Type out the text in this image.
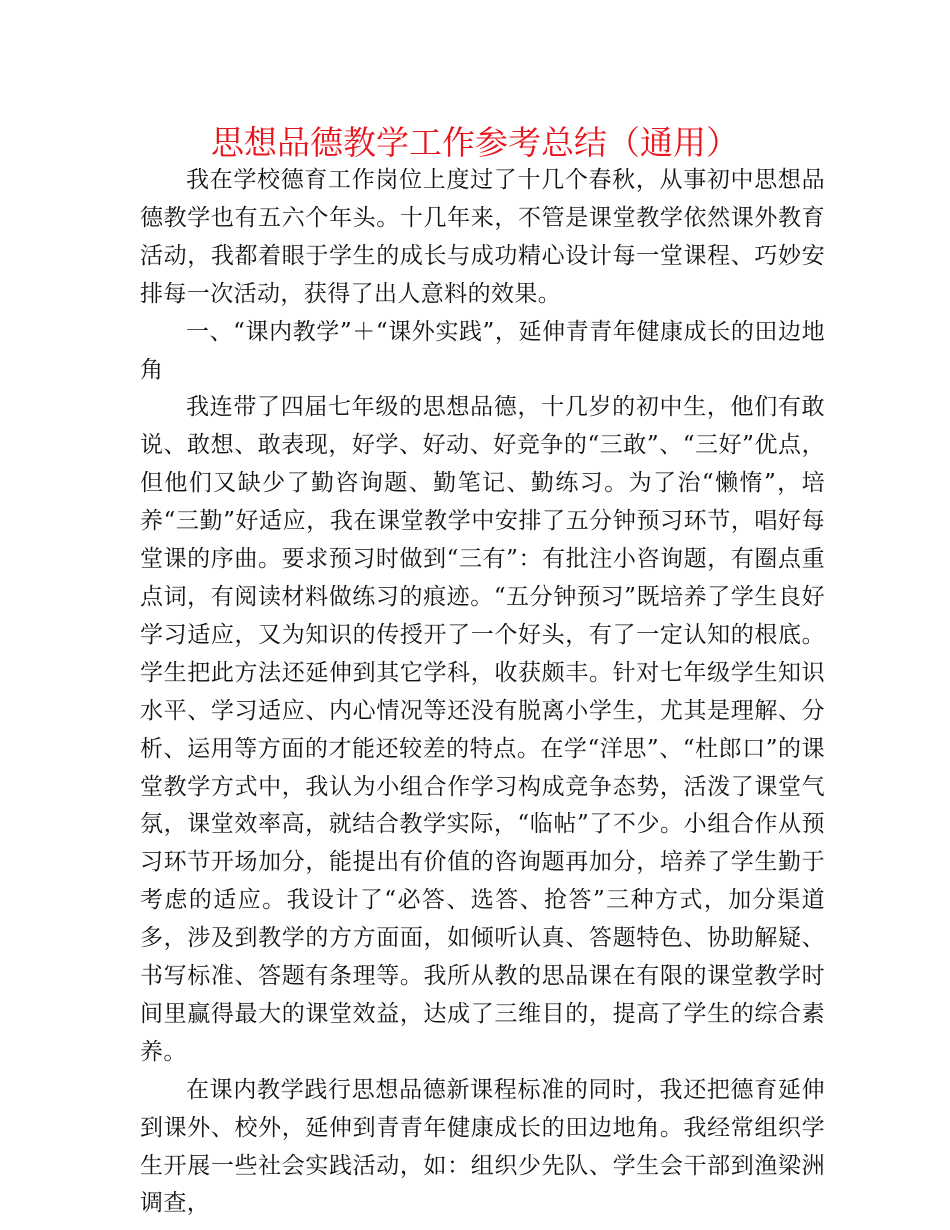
思想品德教学工作参考总结（通用）

我在学校德育工作岗位上度过了十几个春秋，从事初中思想品德教学也有五六个年头。十几年来，不管是课堂教学依然课外教育活动，我都着眼于学生的成长与成功精心设计每一堂课程、巧妙安排每一次活动，获得了出人意料的效果。

一、“课内教学”＋“课外实践”，延伸青青年健康成长的田边地角

我连带了四届七年级的思想品德，十几岁的初中生，他们有敢说、敢想、敢表现，好学、好动、好竞争的“三敢”、“三好”优点，但他们又缺少了勤咨询题、勤笔记、勤练习。为了治“懒惰”，培养“三勤”好适应，我在课堂教学中安排了五分钟预习环节，唱好每堂课的序曲。要求预习时做到“三有”：有批注小咨询题，有圈点重点词，有阅读材料做练习的痕迹。“五分钟预习”既培养了学生良好学习适应，又为知识的传授开了一个好头，有了一定认知的根底。学生把此方法还延伸到其它学科，收获颇丰。针对七年级学生知识水平、学习适应、内心情况等还没有脱离小学生，尤其是理解、分析、运用等方面的才能还较差的特点。在学“洋思”、“杜郎口”的课堂教学方式中，我认为小组合作学习构成竞争态势，活泼了课堂气氛，课堂效率高，就结合教学实际，“临帖”了不少。小组合作从预习环节开场加分，能提出有价值的咨询题再加分，培养了学生勤于考虑的适应。我设计了“必答、选答、抢答”三种方式，加分渠道多，涉及到教学的方方面面，如倾听认真、答题特色、协助解疑、书写标准、答题有条理等。我所从教的思品课在有限的课堂教学时间里赢得最大的课堂效益，达成了三维目的，提高了学生的综合素养。

在课内教学践行思想品德新课程标准的同时，我还把德育延伸到课外、校外，延伸到青青年健康成长的田边地角。我经常组织学生开展一些社会实践活动，如：组织少先队、学生会干部到渔梁洲调查，
